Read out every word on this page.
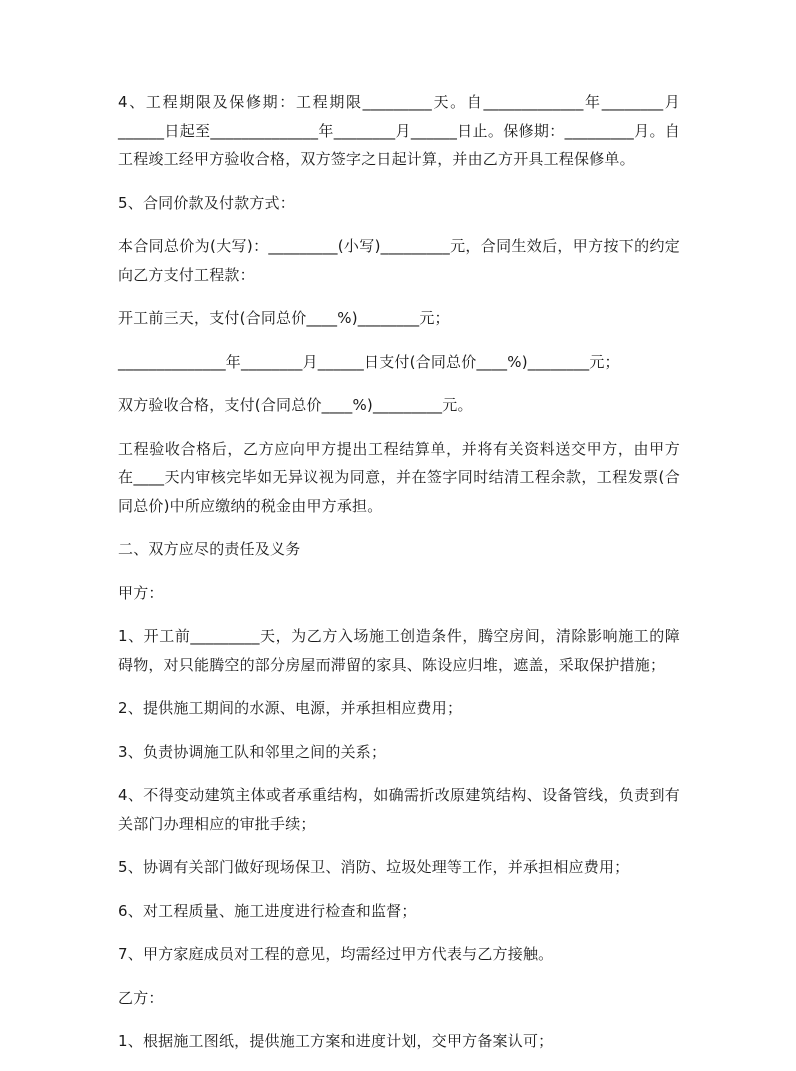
4、工程期限及保修期：工程期限_________天。自_____________年________月______日起至______________年________月______日止。保修期：_________月。自工程竣工经甲方验收合格，双方签字之日起计算，并由乙方开具工程保修单。

5、合同价款及付款方式：

本合同总价为(大写)：_________(小写)_________元，合同生效后，甲方按下的约定向乙方支付工程款：

开工前三天，支付(合同总价____%)________元；

______________年________月______日支付(合同总价____%)________元；

双方验收合格，支付(合同总价____%)_________元。

工程验收合格后，乙方应向甲方提出工程结算单，并将有关资料送交甲方，由甲方在____天内审核完毕如无异议视为同意，并在签字同时结清工程余款，工程发票(合同总价)中所应缴纳的税金由甲方承担。

二、双方应尽的责任及义务

甲方：

1、开工前_________天，为乙方入场施工创造条件，腾空房间，清除影响施工的障碍物，对只能腾空的部分房屋而滞留的家具、陈设应归堆，遮盖，采取保护措施；

2、提供施工期间的水源、电源，并承担相应费用；

3、负责协调施工队和邻里之间的关系；

4、不得变动建筑主体或者承重结构，如确需折改原建筑结构、设备管线，负责到有关部门办理相应的审批手续；

5、协调有关部门做好现场保卫、消防、垃圾处理等工作，并承担相应费用；

6、对工程质量、施工进度进行检查和监督；

7、甲方家庭成员对工程的意见，均需经过甲方代表与乙方接触。

乙方：

1、根据施工图纸，提供施工方案和进度计划，交甲方备案认可；
